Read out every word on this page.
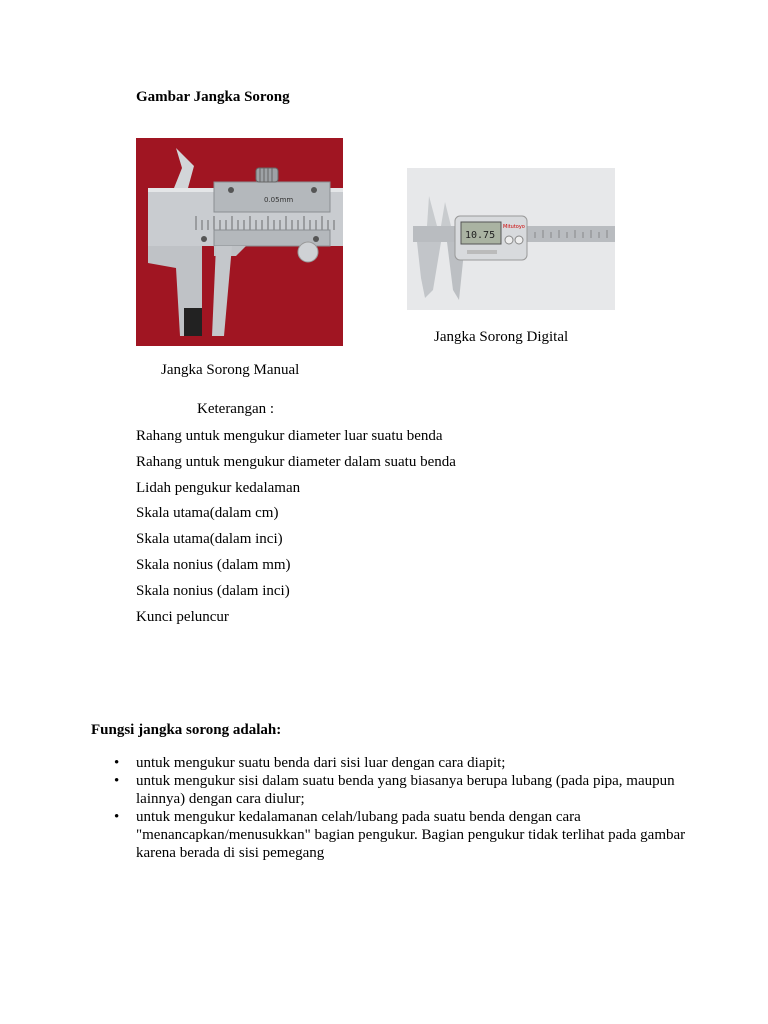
Gambar Jangka Sorong
0.05mm
10.75
Mitutoyo
Jangka Sorong Digital
Jangka Sorong Manual
Keterangan :
Rahang untuk mengukur diameter luar suatu benda
Rahang untuk mengukur diameter dalam suatu benda
Lidah pengukur kedalaman
Skala utama(dalam cm)
Skala utama(dalam inci)
Skala nonius (dalam mm)
Skala nonius (dalam inci)
Kunci peluncur
Fungsi jangka sorong adalah:
• untuk mengukur suatu benda dari sisi luar dengan cara diapit;
• untuk mengukur sisi dalam suatu benda yang biasanya berupa lubang (pada pipa, maupun lainnya) dengan cara diulur;
• untuk mengukur kedalamanan celah/lubang pada suatu benda dengan cara "menancapkan/menusukkan" bagian pengukur. Bagian pengukur tidak terlihat pada gambar karena berada di sisi pemegang
